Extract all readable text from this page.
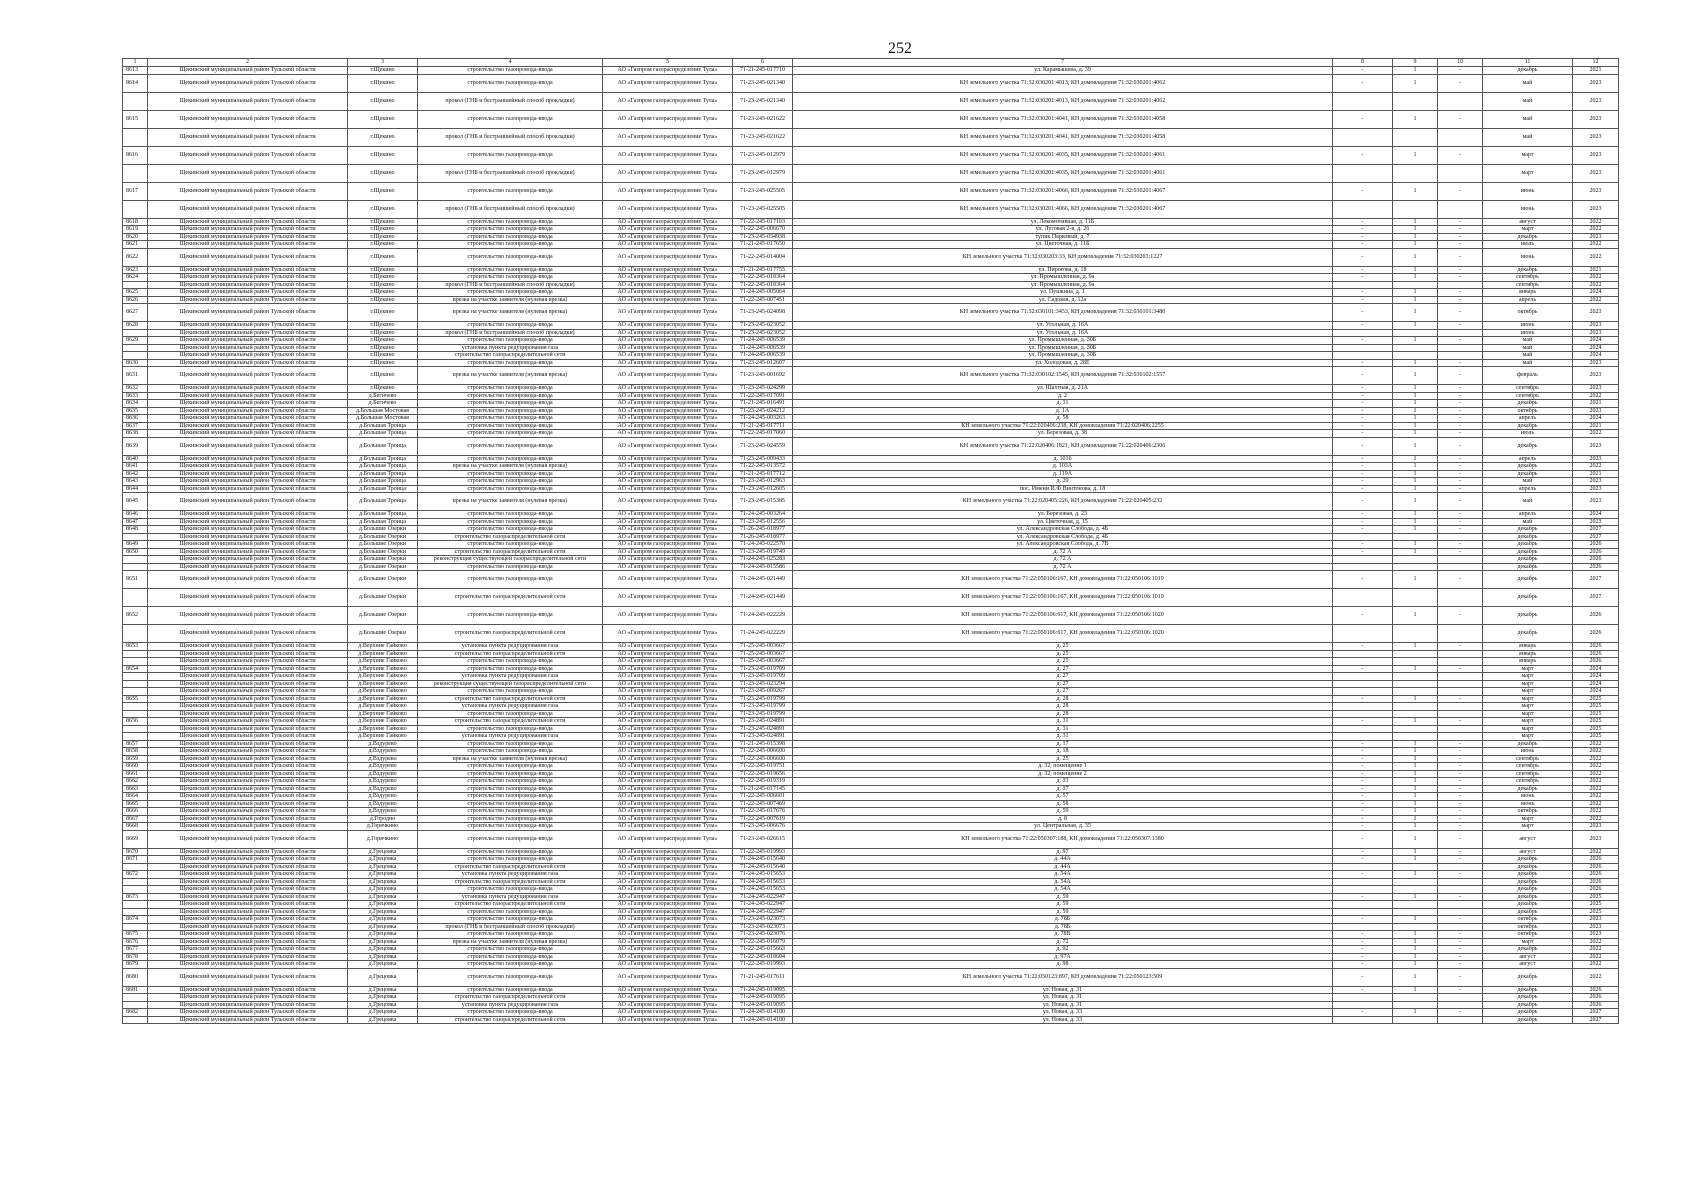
252
1	2	3	4	5	6	7	8	9	10	11	12
8613	Щекинский муниципальный район Тульской области	г.Щекино	строительство газопровода-ввода	АО «Газпром газораспределение Тула»	71-21-245-017710	ул. Карамышева, д. 39	-	1	-	декабрь	2021
8614	Щекинский муниципальный район Тульской области	г.Щекино	строительство газопровода-ввода	АО «Газпром газораспределение Тула»	71-23-245-021340	КН земельного участка 71:32:030201:4013, КН домовладения 71:32:030201:4062	-	1	-	май	2023
	Щекинский муниципальный район Тульской области	г.Щекино	прокол (ГНБ и бестраншейный способ прокладки)	АО «Газпром газораспределение Тула»	71-23-245-021340	КН земельного участка 71:32:030201:4013, КН домовладения 71:32:030201:4062				май	2023
8615	Щекинский муниципальный район Тульской области	г.Щекино	строительство газопровода-ввода	АО «Газпром газораспределение Тула»	71-23-245-021622	КН земельного участка 71:32:030201:4041, КН домовладения 71:32:030201:4058	-	1	-	май	2023
	Щекинский муниципальный район Тульской области	г.Щекино	прокол (ГНБ и бестраншейный способ прокладки)	АО «Газпром газораспределение Тула»	71-23-245-021622	КН земельного участка 71:32:030201:4041, КН домовладения 71:32:030201:4058				май	2023
8616	Щекинский муниципальный район Тульской области	г.Щекино	строительство газопровода-ввода	АО «Газпром газораспределение Тула»	71-23-245-012979	КН земельного участка 71:32:030201:4035, КН домовладения 71:32:030201:4061	-	1	-	март	2023
	Щекинский муниципальный район Тульской области	г.Щекино	прокол (ГНБ и бестраншейный способ прокладки)	АО «Газпром газораспределение Тула»	71-23-245-012979	КН земельного участка 71:32:030201:4035, КН домовладения 71:32:030201:4061				март	2023
8617	Щекинский муниципальный район Тульской области	г.Щекино	строительство газопровода-ввода	АО «Газпром газораспределение Тула»	71-23-245-025505	КН земельного участка 71:32:030201:4066, КН домовладения 71:32:030201:4067	-	1	-	июнь	2023
	Щекинский муниципальный район Тульской области	г.Щекино	прокол (ГНБ и бестраншейный способ прокладки)	АО «Газпром газораспределение Тула»	71-23-245-025505	КН земельного участка 71:32:030201:4066, КН домовладения 71:32:030201:4067				июнь	2023
8618	Щекинский муниципальный район Тульской области	г.Щекино	строительство газопровода-ввода	АО «Газпром газораспределение Тула»	71-22-245-017103	ул. Локомотивная, д. 11Б	-	1	-	август	2022
8619	Щекинский муниципальный район Тульской области	г.Щекино	строительство газопровода-ввода	АО «Газпром газораспределение Тула»	71-22-245-006670	ул. Луговая 2-я, д. 26	-	1	-	март	2022
8620	Щекинский муниципальный район Тульской области	г.Щекино	строительство газопровода-ввода	АО «Газпром газораспределение Тула»	71-23-245-034938	тупик Парковый, д. 7	-	1	-	декабрь	2023
8621	Щекинский муниципальный район Тульской области	г.Щекино	строительство газопровода-ввода	АО «Газпром газораспределение Тула»	71-21-245-017650	ул. Цветочная, д. 11Б	-	1	-	июль	2022
8622	Щекинский муниципальный район Тульской области	г.Щекино	строительство газопровода-ввода	АО «Газпром газораспределение Тула»	71-22-245-014004	КН земельного участка 71:32:030203:33, КН домовладения 71:32:030203:1227	-	1	-	июнь	2022
8623	Щекинский муниципальный район Тульской области	г.Щекино	строительство газопровода-ввода	АО «Газпром газораспределение Тула»	71-21-245-017755	ул. Пирогова, д. 18	-	1	-	декабрь	2021
8624	Щекинский муниципальный район Тульской области	г.Щекино	строительство газопровода-ввода	АО «Газпром газораспределение Тула»	71-22-245-018364	ул. Промышленная, д. 9а	-	1	-	сентябрь	2022
	Щекинский муниципальный район Тульской области	г.Щекино	прокол (ГНБ и бестраншейный способ прокладки)	АО «Газпром газораспределение Тула»	71-22-245-018364	ул. Промышленная, д. 9а				сентябрь	2022
8625	Щекинский муниципальный район Тульской области	г.Щекино	строительство газопровода-ввода	АО «Газпром газораспределение Тула»	71-24-245-005064	ул. Пушкина, д. 1	-	1	-	январь	2024
8626	Щекинский муниципальный район Тульской области	г.Щекино	врезка на участке заявителя (нулевая врезка)	АО «Газпром газораспределение Тула»	71-22-245-007451	ул. Садовая, д. 12а	-	1	-	апрель	2022
8627	Щекинский муниципальный район Тульской области	г.Щекино	врезка на участке заявителя (нулевая врезка)	АО «Газпром газораспределение Тула»	71-23-245-024098	КН земельного участка 71:32:030101:3453, КН домовладения 71:32:030101:3480	-	1	-	октябрь	2023
8628	Щекинский муниципальный район Тульской области	г.Щекино	строительство газопровода-ввода	АО «Газпром газораспределение Тула»	71-23-245-023052	ул. Угольная, д. 16А	-	1	-	июнь	2023
	Щекинский муниципальный район Тульской области	г.Щекино	прокол (ГНБ и бестраншейный способ прокладки)	АО «Газпром газораспределение Тула»	71-23-245-023052	ул. Угольная, д. 16А				июнь	2023
8629	Щекинский муниципальный район Тульской области	г.Щекино	строительство газопровода-ввода	АО «Газпром газораспределение Тула»	71-24-245-006539	ул. Промышленная, д. 30Б	-	1	-	май	2024
	Щекинский муниципальный район Тульской области	г.Щекино	установка пункта редуцирования газа	АО «Газпром газораспределение Тула»	71-24-245-006539	ул. Промышленная, д. 30Б				май	2024
	Щекинский муниципальный район Тульской области	г.Щекино	строительство газораспределительной сети	АО «Газпром газораспределение Тула»	71-24-245-006539	ул. Промышленная, д. 30Б				май	2024
8630	Щекинский муниципальный район Тульской области	г.Щекино	строительство газопровода-ввода	АО «Газпром газораспределение Тула»	71-23-245-012607	ул. Холодовая, д. 28Е	-	1	-	май	2023
8631	Щекинский муниципальный район Тульской области	г.Щекино	врезка на участке заявителя (нулевая врезка)	АО «Газпром газораспределение Тула»	71-23-245-001692	КН земельного участка 71:32:030102:1545, КН домовладения 71:32:030102:1557	-	1	-	февраль	2023
8632	Щекинский муниципальный район Тульской области	г.Щекино	строительство газопровода-ввода	АО «Газпром газораспределение Тула»	71-23-245-024299	ул. Шахтная, д. 21А	-	1	-	сентябрь	2023
8633	Щекинский муниципальный район Тульской области	д.Бегичево	строительство газопровода-ввода	АО «Газпром газораспределение Тула»	71-22-245-017091	д. 2	-	1	-	сентябрь	2022
8634	Щекинский муниципальный район Тульской области	д.Бегичево	строительство газопровода-ввода	АО «Газпром газораспределение Тула»	71-21-245-016491	д. 31	-	1	-	декабрь	2021
8635	Щекинский муниципальный район Тульской области	д.Большая Мостовая	строительство газопровода-ввода	АО «Газпром газораспределение Тула»	71-23-245-024212	д. 1А	-	1	-	октябрь	2023
8636	Щекинский муниципальный район Тульской области	д.Большая Мостовая	строительство газопровода-ввода	АО «Газпром газораспределение Тула»	71-24-245-003263	д. 58	-	1	-	апрель	2024
8637	Щекинский муниципальный район Тульской области	д.Большая Троица	строительство газопровода-ввода	АО «Газпром газораспределение Тула»	71-21-245-017711	КН земельного участка 71:22:020406:238, КН домовладения 71:22:020406:2255	-	1	-	декабрь	2021
8638	Щекинский муниципальный район Тульской области	д.Большая Троица	строительство газопровода-ввода	АО «Газпром газораспределение Тула»	71-22-245-017060	ул. Березовая, д. 38	-	1	-	июль	2022
8639	Щекинский муниципальный район Тульской области	д.Большая Троица	строительство газопровода-ввода	АО «Газпром газораспределение Тула»	71-23-245-024559	КН земельного участка 71:22:020406:1821, КН домовладения 71:22:020406:2306	-	1	-	декабрь	2023
8640	Щекинский муниципальный район Тульской области	д.Большая Троица	строительство газопровода-ввода	АО «Газпром газораспределение Тула»	71-23-245-009433	д. 101б	-	1	-	апрель	2023
8641	Щекинский муниципальный район Тульской области	д.Большая Троица	врезка на участке заявителя (нулевая врезка)	АО «Газпром газораспределение Тула»	71-22-245-013572	д. 103А	-	1	-	декабрь	2022
8642	Щекинский муниципальный район Тульской области	д.Большая Троица	строительство газопровода-ввода	АО «Газпром газораспределение Тула»	71-21-245-017712	д. 119А	-	1	-	декабрь	2021
8643	Щекинский муниципальный район Тульской области	д.Большая Троица	строительство газопровода-ввода	АО «Газпром газораспределение Тула»	71-23-245-012963	д. 20	-	1	-	май	2023
8644	Щекинский муниципальный район Тульской области	д.Большая Троица	строительство газопровода-ввода	АО «Газпром газораспределение Тула»	71-23-245-012605	пос. Имени И.Ф.Винтонова, д. 18	-	1	-	апрель	2023
8645	Щекинский муниципальный район Тульской области	д.Большая Троица	врезка на участке заявителя (нулевая врезка)	АО «Газпром газораспределение Тула»	71-23-245-015385	КН земельного участка 71:22:020405:226, КН домовладения 71:22:020405:232	-	1	-	май	2023
8646	Щекинский муниципальный район Тульской области	д.Большая Троица	строительство газопровода-ввода	АО «Газпром газораспределение Тула»	71-24-245-003264	ул. Березовая, д. 23	-	1	-	апрель	2024
8647	Щекинский муниципальный район Тульской области	д.Большая Троица	строительство газопровода-ввода	АО «Газпром газораспределение Тула»	71-23-245-012556	ул. Цветочная, д. 15	-	1	-	май	2023
8648	Щекинский муниципальный район Тульской области	д.Большие Озерки	строительство газопровода-ввода	АО «Газпром газораспределение Тула»	71-26-245-018977	ул. Александровская Слобода, д. 4Б	-	1	-	декабрь	2027
	Щекинский муниципальный район Тульской области	д.Большие Озерки	строительство газораспределительной сети	АО «Газпром газораспределение Тула»	71-26-245-018977	ул. Александровская Слобода, д. 4Б				декабрь	2027
8649	Щекинский муниципальный район Тульской области	д.Большие Озерки	строительство газопровода-ввода	АО «Газпром газораспределение Тула»	71-24-245-022570	ул. Александровская Слобода, д. 7В	-	1	-	декабрь	2026
8650	Щекинский муниципальный район Тульской области	д.Большие Озерки	строительство газораспределительной сети	АО «Газпром газораспределение Тула»	71-23-245-019749	д. 72 А	-	1	-	декабрь	2026
	Щекинский муниципальный район Тульской области	д.Большие Озерки	реконструкция существующей газораспределительной сети	АО «Газпром газораспределение Тула»	71-24-245-025283	д. 72 А				декабрь	2026
	Щекинский муниципальный район Тульской области	д.Большие Озерки	строительство газопровода-ввода	АО «Газпром газораспределение Тула»	71-24-245-015586	д. 72 А				декабрь	2026
8651	Щекинский муниципальный район Тульской области	д.Большие Озерки	строительство газопровода-ввода	АО «Газпром газораспределение Тула»	71-24-245-021449	КН земельного участка 71:22:050106:167, КН домовладения 71:22:050106:1019	-	1	-	декабрь	2027
	Щекинский муниципальный район Тульской области	д.Большие Озерки	строительство газораспределительной сети	АО «Газпром газораспределение Тула»	71-24-245-021449	КН земельного участка 71:22:050106:167, КН домовладения 71:22:050106:1019				декабрь	2027
8652	Щекинский муниципальный район Тульской области	д.Большие Озерки	строительство газопровода-ввода	АО «Газпром газораспределение Тула»	71-24-245-022229	КН земельного участка 71:22:050106:617, КН домовладения 71:22:050106:1020	-	1	-	декабрь	2026
	Щекинский муниципальный район Тульской области	д.Большие Озерки	строительство газораспределительной сети	АО «Газпром газораспределение Тула»	71-24-245-022229	КН земельного участка 71:22:050106:617, КН домовладения 71:22:050106:1020				декабрь	2026
8653	Щекинский муниципальный район Тульской области	д.Верхние Гайково	установка пункта редуцирования газа	АО «Газпром газораспределение Тула»	71-25-245-003667	д. 25	-	1	-	январь	2026
	Щекинский муниципальный район Тульской области	д.Верхние Гайково	строительство газораспределительной сети	АО «Газпром газораспределение Тула»	71-25-245-003667	д. 25				январь	2026
	Щекинский муниципальный район Тульской области	д.Верхние Гайково	строительство газопровода-ввода	АО «Газпром газораспределение Тула»	71-25-245-003667	д. 25				январь	2026
8654	Щекинский муниципальный район Тульской области	д.Верхние Гайково	строительство газопровода-ввода	АО «Газпром газораспределение Тула»	71-23-245-019709	д. 27	-	1	-	март	2024
	Щекинский муниципальный район Тульской области	д.Верхние Гайково	установка пункта редуцирования газа	АО «Газпром газораспределение Тула»	71-23-245-019709	д. 27				март	2024
	Щекинский муниципальный район Тульской области	д.Верхние Гайково	реконструкция существующей газораспределительной сети	АО «Газпром газораспределение Тула»	71-23-245-023294	д. 27				март	2024
	Щекинский муниципальный район Тульской области	д.Верхние Гайково	строительство газопровода-ввода	АО «Газпром газораспределение Тула»	71-23-245-009267	д. 27				март	2024
8655	Щекинский муниципальный район Тульской области	д.Верхние Гайково	строительство газораспределительной сети	АО «Газпром газораспределение Тула»	71-23-245-019799	д. 28	-	1	-	март	2025
	Щекинский муниципальный район Тульской области	д.Верхние Гайково	установка пункта редуцирования газа	АО «Газпром газораспределение Тула»	71-23-245-019799	д. 28				март	2025
	Щекинский муниципальный район Тульской области	д.Верхние Гайково	строительство газопровода-ввода	АО «Газпром газораспределение Тула»	71-23-245-019799	д. 28				март	2025
8656	Щекинский муниципальный район Тульской области	д.Верхние Гайково	строительство газораспределительной сети	АО «Газпром газораспределение Тула»	71-23-245-024891	д. 31	-	1	-	март	2025
	Щекинский муниципальный район Тульской области	д.Верхние Гайково	строительство газопровода-ввода	АО «Газпром газораспределение Тула»	71-23-245-024891	д. 31				март	2025
	Щекинский муниципальный район Тульской области	д.Верхние Гайково	установка пункта редуцирования газа	АО «Газпром газораспределение Тула»	71-23-245-024891	д. 31				март	2025
8657	Щекинский муниципальный район Тульской области	д.Вздурево	строительство газопровода-ввода	АО «Газпром газораспределение Тула»	71-21-245-015398	д. 17	-	1	-	декабрь	2022
8658	Щекинский муниципальный район Тульской области	д.Вздурево	строительство газопровода-ввода	АО «Газпром газораспределение Тула»	71-22-245-006600	д. 18	-	1	-	июнь	2022
8659	Щекинский муниципальный район Тульской области	д.Вздурево	врезка на участке заявителя (нулевая врезка)	АО «Газпром газораспределение Тула»	71-22-245-006600	д. 25	-	1	-	сентябрь	2022
8660	Щекинский муниципальный район Тульской области	д.Вздурево	строительство газопровода-ввода	АО «Газпром газораспределение Тула»	71-22-245-019751	д. 32, помещение 1	-	1	-	сентябрь	2022
8661	Щекинский муниципальный район Тульской области	д.Вздурево	строительство газопровода-ввода	АО «Газпром газораспределение Тула»	71-22-245-019656	д. 32, помещение 2	-	1	-	сентябрь	2022
8662	Щекинский муниципальный район Тульской области	д.Вздурево	строительство газопровода-ввода	АО «Газпром газораспределение Тула»	71-22-245-019319	д. 33	-	1	-	сентябрь	2022
8663	Щекинский муниципальный район Тульской области	д.Вздурево	строительство газопровода-ввода	АО «Газпром газораспределение Тула»	71-21-245-017145	д. 37	-	1	-	декабрь	2022
8664	Щекинский муниципальный район Тульской области	д.Вздурево	строительство газопровода-ввода	АО «Газпром газораспределение Тула»	71-22-245-006601	д. 57	-	1	-	июнь	2022
8665	Щекинский муниципальный район Тульской области	д.Вздурево	строительство газопровода-ввода	АО «Газпром газораспределение Тула»	71-22-245-007469	д. 58	-	1	-	июнь	2022
8666	Щекинский муниципальный район Тульской области	д.Вздурево	строительство газопровода-ввода	АО «Газпром газораспределение Тула»	71-22-245-017676	д. 59	-	1	-	октябрь	2022
8667	Щекинский муниципальный район Тульской области	д.Городно	строительство газопровода-ввода	АО «Газпром газораспределение Тула»	71-22-245-007619	д. 8	-	1	-	март	2022
8668	Щекинский муниципальный район Тульской области	д.Горячкино	строительство газопровода-ввода	АО «Газпром газораспределение Тула»	71-23-245-006676	ул. Центральная, д. 35	-	1	-	март	2023
8669	Щекинский муниципальный район Тульской области	д.Горячкино	строительство газопровода-ввода	АО «Газпром газораспределение Тула»	71-23-245-026615	КН земельного участка 71:22:050307:188, КН домовладения 71:22:050307:1380	-	1	-	август	2023
8670	Щекинский муниципальный район Тульской области	д.Грецовка	строительство газопровода-ввода	АО «Газпром газораспределение Тула»	71-22-245-019993	д. 97	-	1	-	август	2022
8671	Щекинский муниципальный район Тульской области	д.Грецовка	строительство газопровода-ввода	АО «Газпром газораспределение Тула»	71-24-245-015640	д. 44А	-	1	-	декабрь	2026
	Щекинский муниципальный район Тульской области	д.Грецовка	строительство газораспределительной сети	АО «Газпром газораспределение Тула»	71-24-245-015640	д. 44А				декабрь	2026
8672	Щекинский муниципальный район Тульской области	д.Грецовка	установка пункта редуцирования газа	АО «Газпром газораспределение Тула»	71-24-245-015653	д. 54А	-	1	-	декабрь	2026
	Щекинский муниципальный район Тульской области	д.Грецовка	строительство газораспределительной сети	АО «Газпром газораспределение Тула»	71-24-245-015653	д. 54А				декабрь	2026
	Щекинский муниципальный район Тульской области	д.Грецовка	строительство газопровода-ввода	АО «Газпром газораспределение Тула»	71-24-245-015653	д. 54А				декабрь	2026
8673	Щекинский муниципальный район Тульской области	д.Грецовка	установка пункта редуцирования газа	АО «Газпром газораспределение Тула»	71-24-245-022947	д. 59	-	1	-	декабрь	2025
	Щекинский муниципальный район Тульской области	д.Грецовка	строительство газораспределительной сети	АО «Газпром газораспределение Тула»	71-24-245-022947	д. 59				декабрь	2025
	Щекинский муниципальный район Тульской области	д.Грецовка	строительство газопровода-ввода	АО «Газпром газораспределение Тула»	71-24-245-022947	д. 59				декабрь	2025
8674	Щекинский муниципальный район Тульской области	д.Грецовка	строительство газопровода-ввода	АО «Газпром газораспределение Тула»	71-23-245-023073	д. 78Б	-	1	-	октябрь	2023
	Щекинский муниципальный район Тульской области	д.Грецовка	прокол (ГНБ и бестраншейный способ прокладки)	АО «Газпром газораспределение Тула»	71-23-245-023073	д. 78Б				октябрь	2023
8675	Щекинский муниципальный район Тульской области	д.Грецовка	строительство газопровода-ввода	АО «Газпром газораспределение Тула»	71-23-245-023076	д. 78В	-	1	-	октябрь	2023
8676	Щекинский муниципальный район Тульской области	д.Грецовка	врезка на участке заявителя (нулевая врезка)	АО «Газпром газораспределение Тула»	71-22-245-016079	д. 72	-	1	-	март	2022
8677	Щекинский муниципальный район Тульской области	д.Грецовка	строительство газопровода-ввода	АО «Газпром газораспределение Тула»	71-22-245-015663	д. 92	-	1	-	декабрь	2022
8678	Щекинский муниципальный район Тульской области	д.Грецовка	строительство газопровода-ввода	АО «Газпром газораспределение Тула»	71-22-245-018604	д. 97А	-	1	-	август	2022
8679	Щекинский муниципальный район Тульской области	д.Грецовка	строительство газопровода-ввода	АО «Газпром газораспределение Тула»	71-22-245-019993	д. 98	-	1	-	август	2022
8680	Щекинский муниципальный район Тульской области	д.Грецовка	строительство газопровода-ввода	АО «Газпром газораспределение Тула»	71-21-245-017611	КН земельного участка 71:22:050123:897, КН домовладения 71:22:050123:509	-	1	-	декабрь	2022
8681	Щекинский муниципальный район Тульской области	д.Грецовка	строительство газопровода-ввода	АО «Газпром газораспределение Тула»	71-24-245-019095	ул. Новая, д. 31	-	1	-	декабрь	2026
	Щекинский муниципальный район Тульской области	д.Грецовка	строительство газораспределительной сети	АО «Газпром газораспределение Тула»	71-24-245-019095	ул. Новая, д. 31				декабрь	2026
	Щекинский муниципальный район Тульской области	д.Грецовка	установка пункта редуцирования газа	АО «Газпром газораспределение Тула»	71-24-245-019095	ул. Новая, д. 31				декабрь	2026
8682	Щекинский муниципальный район Тульской области	д.Грецовка	строительство газопровода-ввода	АО «Газпром газораспределение Тула»	71-24-245-014100	ул. Новая, д. 33	-	1	-	декабрь	2027
	Щекинский муниципальный район Тульской области	д.Грецовка	строительство газораспределительной сети	АО «Газпром газораспределение Тула»	71-24-245-014100	ул. Новая, д. 33				декабрь	2027
